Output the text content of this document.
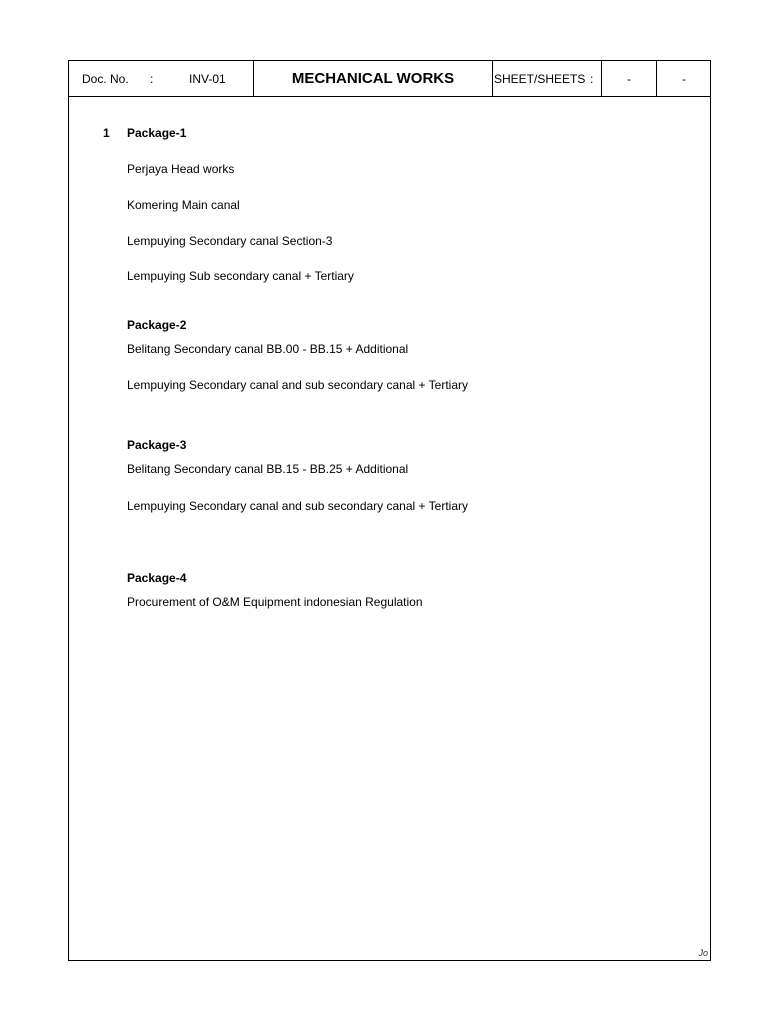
Doc. No. :	INV-01	MECHANICAL WORKS	SHEET/SHEETS :	-	-
1 Package-1
Perjaya Head works
Komering Main canal
Lempuying Secondary canal Section-3
Lempuying Sub secondary canal + Tertiary
Package-2
Belitang Secondary canal BB.00 - BB.15 + Additional
Lempuying Secondary canal and sub secondary canal + Tertiary
Package-3
Belitang Secondary canal BB.15 - BB.25 + Additional
Lempuying Secondary canal and sub secondary canal + Tertiary
Package-4
Procurement of O&M Equipment indonesian Regulation
Jo
